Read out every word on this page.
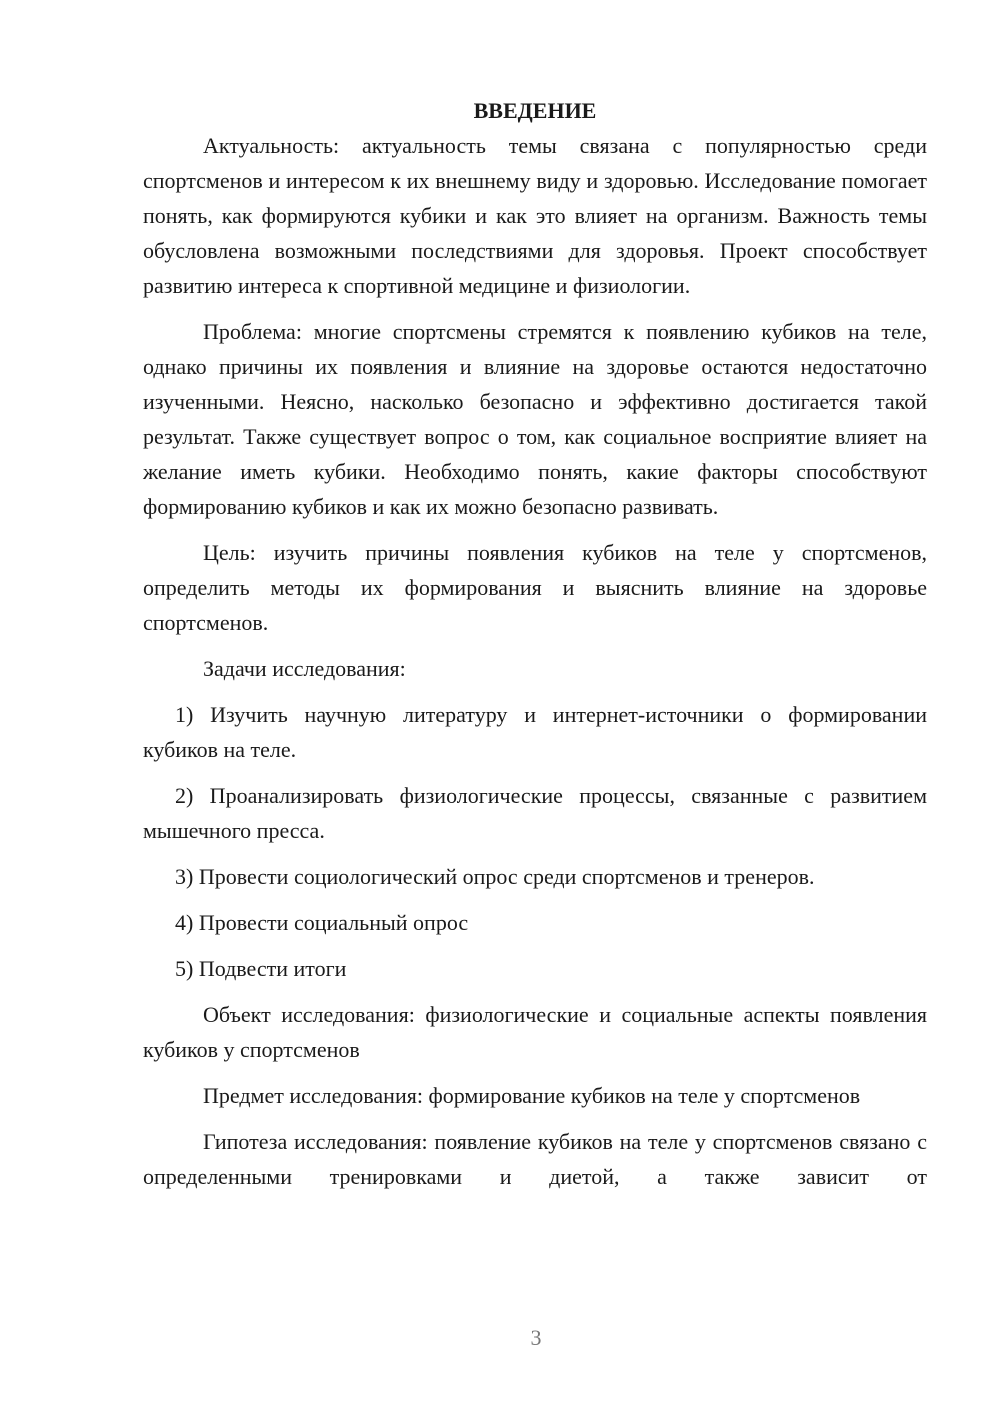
ВВЕДЕНИЕ

Актуальность: актуальность темы связана с популярностью среди спортсменов и интересом к их внешнему виду и здоровью. Исследование помогает понять, как формируются кубики и как это влияет на организм. Важность темы обусловлена возможными последствиями для здоровья. Проект способствует развитию интереса к спортивной медицине и физиологии.

Проблема: многие спортсмены стремятся к появлению кубиков на теле, однако причины их появления и влияние на здоровье остаются недостаточно изученными. Неясно, насколько безопасно и эффективно достигается такой результат. Также существует вопрос о том, как социальное восприятие влияет на желание иметь кубики. Необходимо понять, какие факторы способствуют формированию кубиков и как их можно безопасно развивать.

Цель: изучить причины появления кубиков на теле у спортсменов, определить методы их формирования и выяснить влияние на здоровье спортсменов.

Задачи исследования:

1) Изучить научную литературу и интернет-источники о формировании кубиков на теле.

2) Проанализировать физиологические процессы, связанные с развитием мышечного пресса.

3) Провести социологический опрос среди спортсменов и тренеров.

4) Провести социальный опрос

5) Подвести итоги

Объект исследования: физиологические и социальные аспекты появления кубиков у спортсменов

Предмет исследования: формирование кубиков на теле у спортсменов

Гипотеза исследования: появление кубиков на теле у спортсменов связано с определенными тренировками и диетой, а также зависит от

3
